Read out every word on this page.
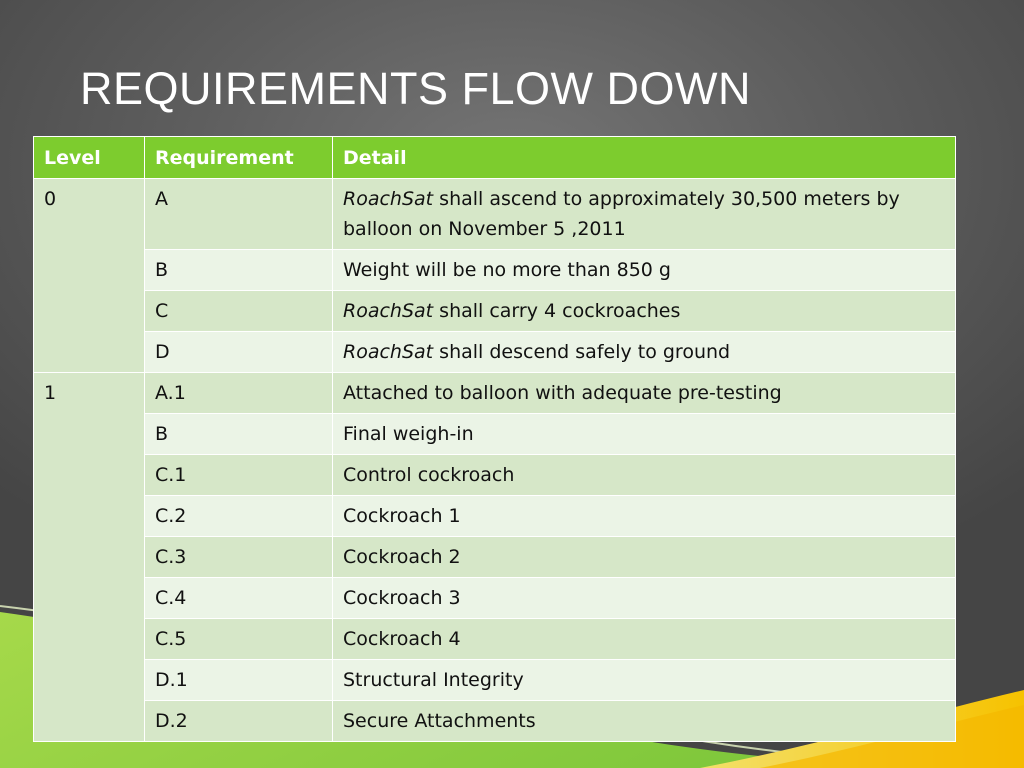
REQUIREMENTS FLOW DOWN
Level	Requirement	Detail
0	A	RoachSat shall ascend to approximately 30,500 meters by balloon on November 5 ,2011
	B	Weight will be no more than 850 g
	C	RoachSat shall carry 4 cockroaches
	D	RoachSat shall descend safely to ground
1	A.1	Attached to balloon with adequate pre-testing
	B	Final weigh-in
	C.1	Control cockroach
	C.2	Cockroach 1
	C.3	Cockroach 2
	C.4	Cockroach 3
	C.5	Cockroach 4
	D.1	Structural Integrity
	D.2	Secure Attachments
